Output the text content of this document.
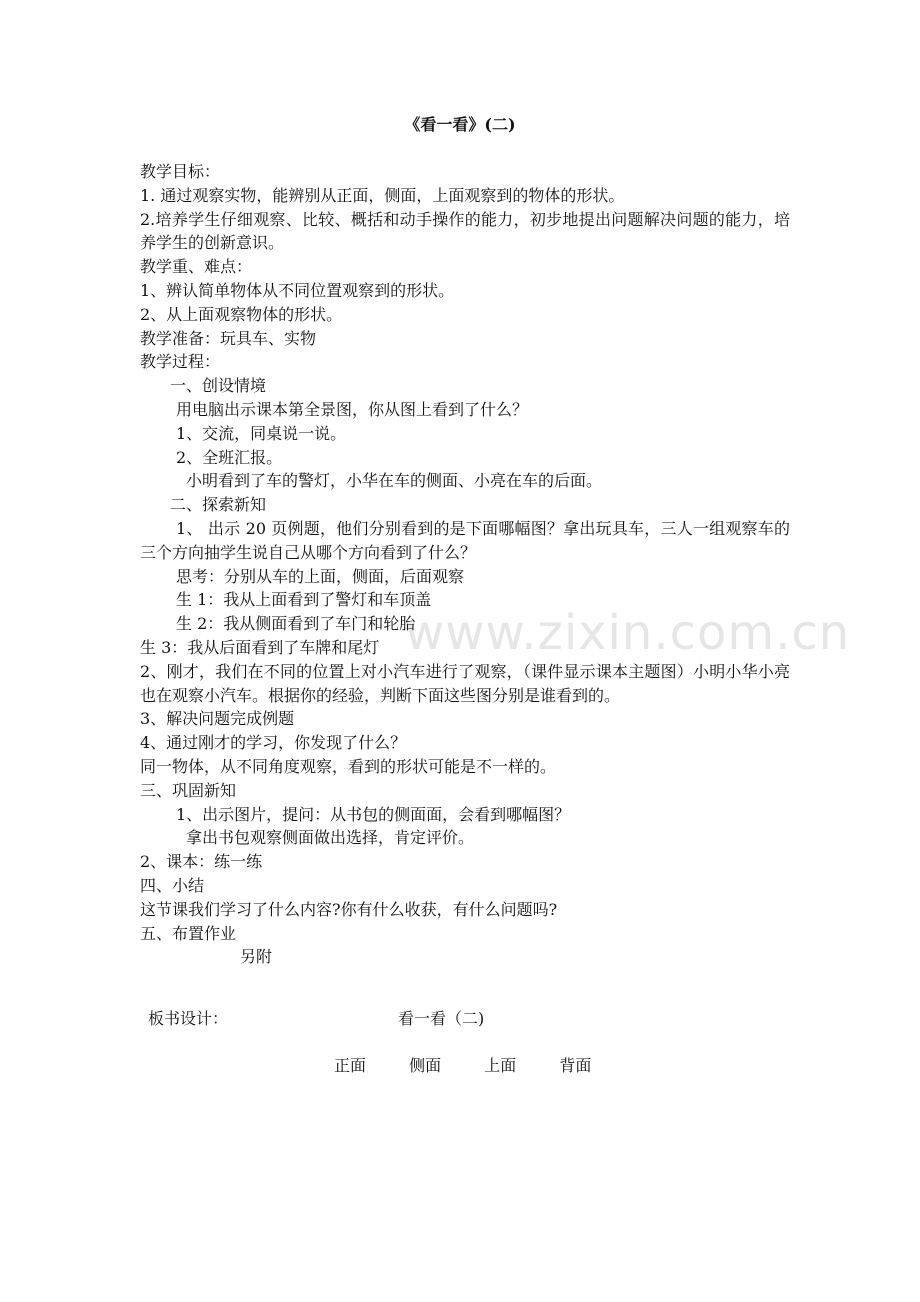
www.zixin.com.cn
《看一看》(二)
教学目标：
1. 通过观察实物，能辨别从正面，侧面，上面观察到的物体的形状。
2.培养学生仔细观察、比较、概括和动手操作的能力，初步地提出问题解决问题的能力，培养学生的创新意识。
教学重、难点：
1、辨认简单物体从不同位置观察到的形状。
2、从上面观察物体的形状。
教学准备：玩具车、实物
教学过程：
一、创设情境
用电脑出示课本第全景图，你从图上看到了什么？
1、交流，同桌说一说。
2、全班汇报。
小明看到了车的警灯，小华在车的侧面、小亮在车的后面。
二、探索新知
1、 出示 20 页例题，他们分别看到的是下面哪幅图？拿出玩具车，三人一组观察车的三个方向抽学生说自己从哪个方向看到了什么？
思考：分别从车的上面，侧面，后面观察
生 1：我从上面看到了警灯和车顶盖
生 2：我从侧面看到了车门和轮胎
生 3：我从后面看到了车牌和尾灯
2、刚才，我们在不同的位置上对小汽车进行了观察，（课件显示课本主题图）小明小华小亮也在观察小汽车。根据你的经验，判断下面这些图分别是谁看到的。
3、解决问题完成例题
4、通过刚才的学习，你发现了什么？
同一物体，从不同角度观察，看到的形状可能是不一样的。
三、巩固新知
1、出示图片，提问：从书包的侧面面，会看到哪幅图？
拿出书包观察侧面做出选择，肯定评价。
2、课本：练一练
四、小结
这节课我们学习了什么内容?你有什么收获，有什么问题吗?
五、布置作业
另附
板书设计：	看一看（二)
正面	侧面	上面	背面
